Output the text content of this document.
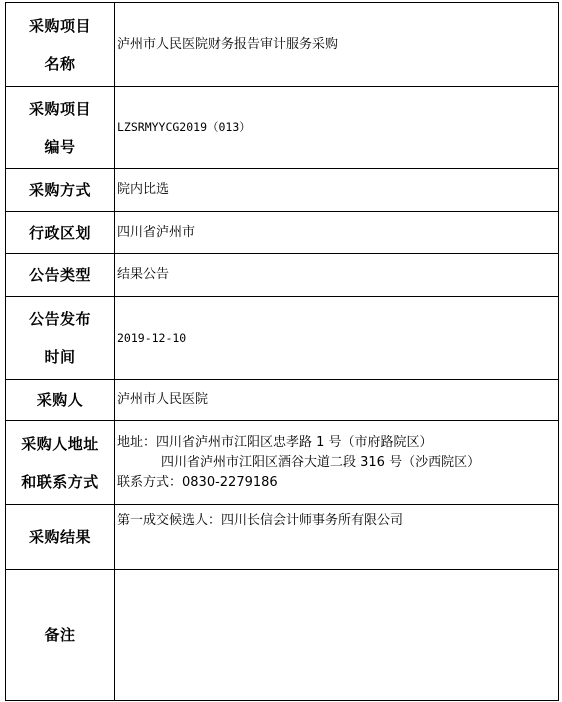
采购项目
名称	泸州市人民医院财务报告审计服务采购

采购项目
编号	LZSRMYYCG2019（013）
采购方式	院内比选
行政区划	四川省泸州市
公告类型	结果公告

公告发布
时间	2019-12-10
采购人	泸州市人民医院

采购人地址
和联系方式	地址：四川省泸州市江阳区忠孝路 1 号（市府路院区）
四川省泸州市江阳区酒谷大道二段 316 号（沙西院区）
联系方式：0830-2279186

采购结果	第一成交候选人：四川长信会计师事务所有限公司
备注	
